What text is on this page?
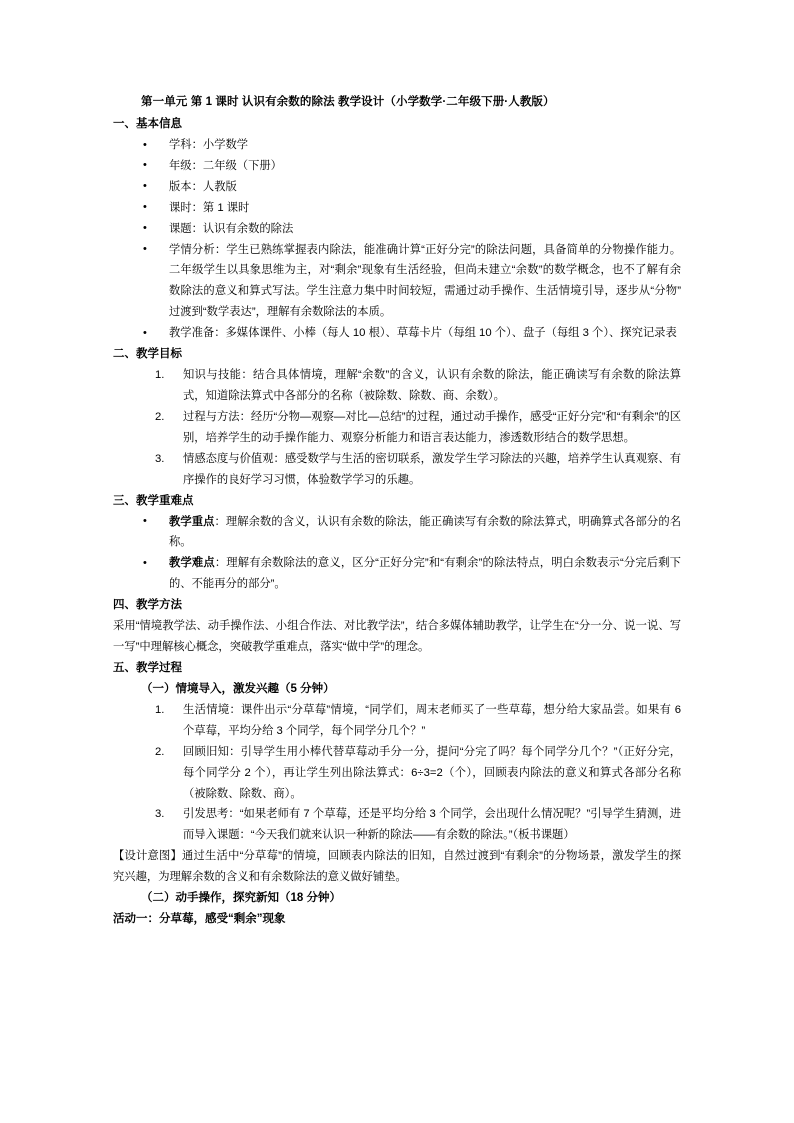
第一单元 第 1 课时 认识有余数的除法 教学设计（小学数学·二年级下册·人教版）
一、基本信息
• 学科：小学数学
• 年级：二年级（下册）
• 版本：人教版
• 课时：第 1 课时
• 课题：认识有余数的除法
• 学情分析：学生已熟练掌握表内除法，能准确计算“正好分完”的除法问题，具备简单的分物操作能力。二年级学生以具象思维为主，对“剩余”现象有生活经验，但尚未建立“余数”的数学概念，也不了解有余数除法的意义和算式写法。学生注意力集中时间较短，需通过动手操作、生活情境引导，逐步从“分物”过渡到“数学表达”，理解有余数除法的本质。
• 教学准备：多媒体课件、小棒（每人 10 根）、草莓卡片（每组 10 个）、盘子（每组 3 个）、探究记录表
二、教学目标
知识与技能：结合具体情境，理解“余数”的含义，认识有余数的除法，能正确读写有余数的除法算式，知道除法算式中各部分的名称（被除数、除数、商、余数）。
过程与方法：经历“分物—观察—对比—总结”的过程，通过动手操作，感受“正好分完”和“有剩余”的区别，培养学生的动手操作能力、观察分析能力和语言表达能力，渗透数形结合的数学思想。
情感态度与价值观：感受数学与生活的密切联系，激发学生学习除法的兴趣，培养学生认真观察、有序操作的良好学习习惯，体验数学学习的乐趣。
三、教学重难点
• 教学重点：理解余数的含义，认识有余数的除法，能正确读写有余数的除法算式，明确算式各部分的名称。
• 教学难点：理解有余数除法的意义，区分“正好分完”和“有剩余”的除法特点，明白余数表示“分完后剩下的、不能再分的部分”。
四、教学方法
采用“情境教学法、动手操作法、小组合作法、对比教学法”，结合多媒体辅助教学，让学生在“分一分、说一说、写一写”中理解核心概念，突破教学重难点，落实“做中学”的理念。
五、教学过程
（一）情境导入，激发兴趣（5 分钟）
生活情境：课件出示“分草莓”情境，“同学们，周末老师买了一些草莓，想分给大家品尝。如果有 6 个草莓，平均分给 3 个同学，每个同学分几个？”
回顾旧知：引导学生用小棒代替草莓动手分一分，提问“分完了吗？每个同学分几个？”（正好分完，每个同学分 2 个），再让学生列出除法算式：6÷3=2（个），回顾表内除法的意义和算式各部分名称（被除数、除数、商）。
引发思考：“如果老师有 7 个草莓，还是平均分给 3 个同学，会出现什么情况呢？”引导学生猜测，进而导入课题：“今天我们就来认识一种新的除法——有余数的除法。”（板书课题）
【设计意图】通过生活中“分草莓”的情境，回顾表内除法的旧知，自然过渡到“有剩余”的分物场景，激发学生的探究兴趣，为理解余数的含义和有余数除法的意义做好铺垫。
（二）动手操作，探究新知（18 分钟）
活动一：分草莓，感受“剩余”现象
